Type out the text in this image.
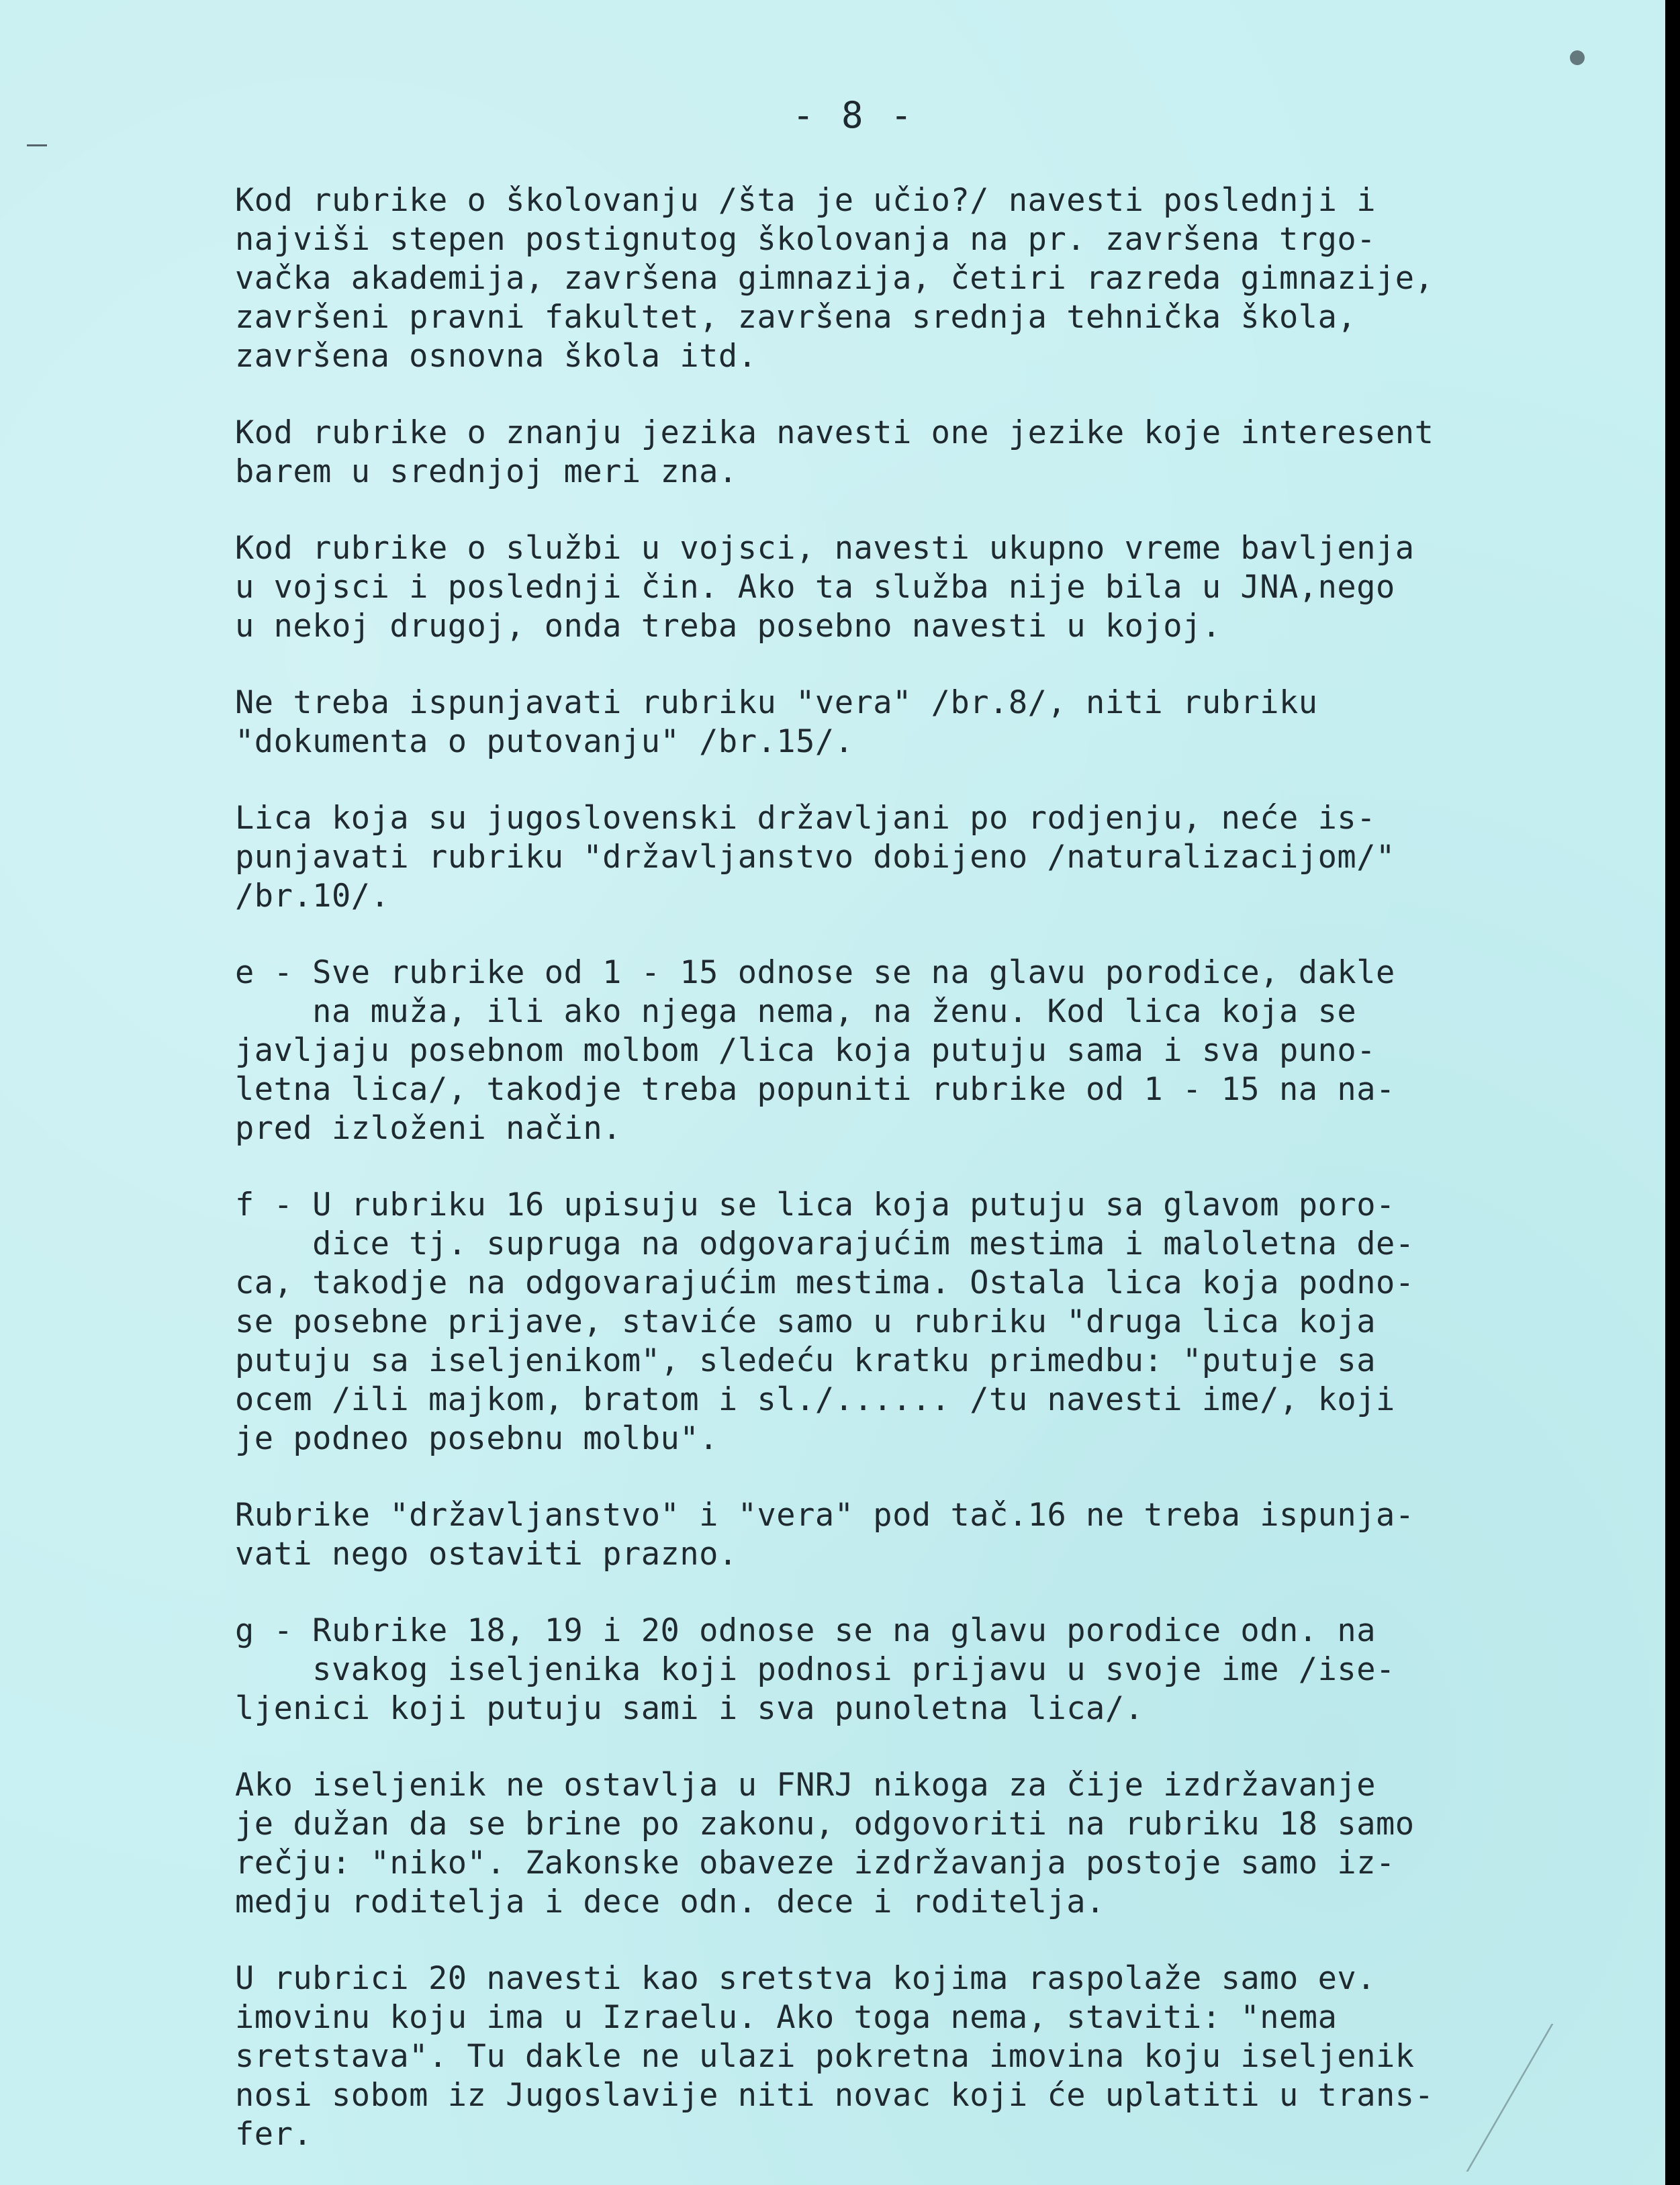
- 8 -

Kod rubrike o školovanju /šta je učio?/ navesti poslednji i
najviši stepen postignutog školovanja na pr. završena trgo-
vačka akademija, završena gimnazija, četiri razreda gimnazije,
završeni pravni fakultet, završena srednja tehnička škola,
završena osnovna škola itd.

Kod rubrike o znanju jezika navesti one jezike koje interesent
barem u srednjoj meri zna.

Kod rubrike o službi u vojsci, navesti ukupno vreme bavljenja
u vojsci i poslednji čin. Ako ta služba nije bila u JNA,nego
u nekoj drugoj, onda treba posebno navesti u kojoj.

Ne treba ispunjavati rubriku "vera" /br.8/, niti rubriku
"dokumenta o putovanju" /br.15/.

Lica koja su jugoslovenski državljani po rodjenju, neće is-
punjavati rubriku "državljanstvo dobijeno /naturalizacijom/"
/br.10/.

e - Sve rubrike od 1 - 15 odnose se na glavu porodice, dakle
na muža, ili ako njega nema, na ženu. Kod lica koja se
javljaju posebnom molbom /lica koja putuju sama i sva puno-
letna lica/, takodje treba popuniti rubrike od 1 - 15 na na-
pred izloženi način.

f - U rubriku 16 upisuju se lica koja putuju sa glavom poro-
dice tj. supruga na odgovarajućim mestima i maloletna de-
ca, takodje na odgovarajućim mestima. Ostala lica koja podno-
se posebne prijave, staviće samo u rubriku "druga lica koja
putuju sa iseljenikom", sledeću kratku primedbu: "putuje sa
ocem /ili majkom, bratom i sl./...... /tu navesti ime/, koji
je podneo posebnu molbu".

Rubrike "državljanstvo" i "vera" pod tač.16 ne treba ispunja-
vati nego ostaviti prazno.

g - Rubrike 18, 19 i 20 odnose se na glavu porodice odn. na
svakog iseljenika koji podnosi prijavu u svoje ime /ise-
ljenici koji putuju sami i sva punoletna lica/.

Ako iseljenik ne ostavlja u FNRJ nikoga za čije izdržavanje
je dužan da se brine po zakonu, odgovoriti na rubriku 18 samo
rečju: "niko". Zakonske obaveze izdržavanja postoje samo iz-
medju roditelja i dece odn. dece i roditelja.

U rubrici 20 navesti kao sretstva kojima raspolaže samo ev.
imovinu koju ima u Izraelu. Ako toga nema, staviti: "nema
sretstava". Tu dakle ne ulazi pokretna imovina koju iseljenik
nosi sobom iz Jugoslavije niti novac koji će uplatiti u trans-
fer.
